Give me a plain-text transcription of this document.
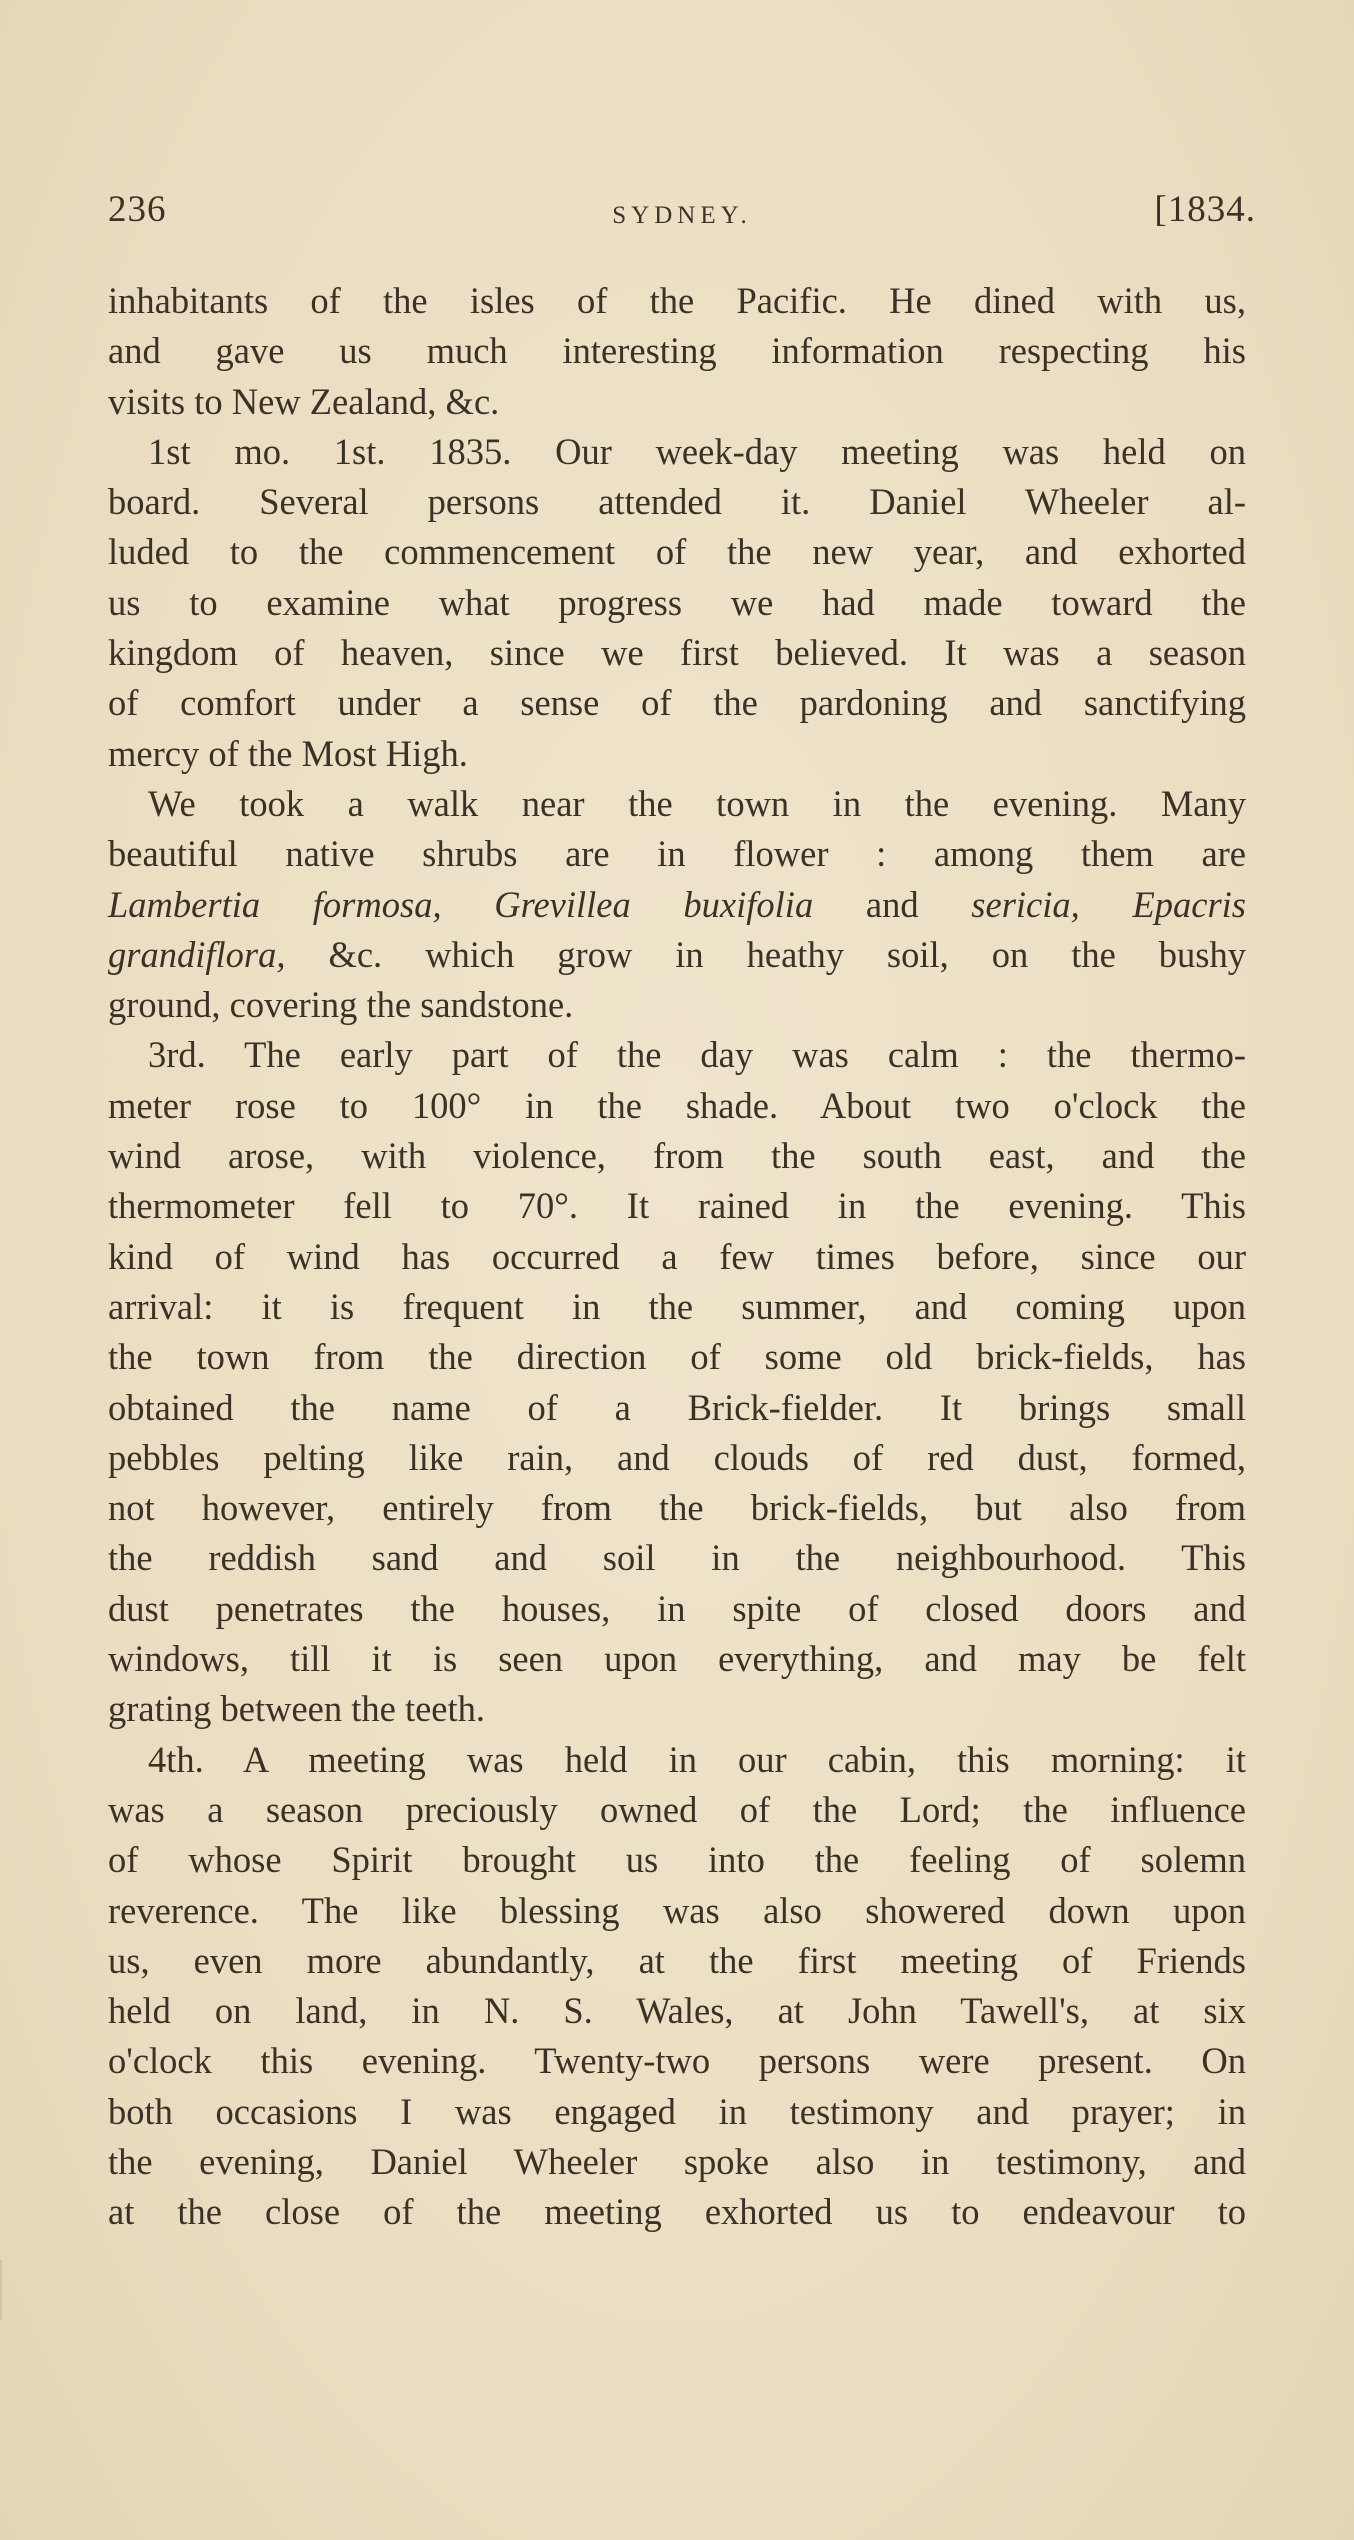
236	SYDNEY.	[1834.
inhabitants of the isles of the Pacific. He dined with us,
and gave us much interesting information respecting his
visits to New Zealand, &c.
1st mo. 1st. 1835. Our week-day meeting was held on
board. Several persons attended it. Daniel Wheeler al-
luded to the commencement of the new year, and exhorted
us to examine what progress we had made toward the
kingdom of heaven, since we first believed. It was a season
of comfort under a sense of the pardoning and sanctifying
mercy of the Most High.
We took a walk near the town in the evening. Many
beautiful native shrubs are in flower : among them are
Lambertia formosa, Grevillea buxifolia and sericia, Epacris
grandiflora, &c. which grow in heathy soil, on the bushy
ground, covering the sandstone.
3rd. The early part of the day was calm : the thermo-
meter rose to 100° in the shade. About two o'clock the
wind arose, with violence, from the south east, and the
thermometer fell to 70°. It rained in the evening. This
kind of wind has occurred a few times before, since our
arrival: it is frequent in the summer, and coming upon
the town from the direction of some old brick-fields, has
obtained the name of a Brick-fielder. It brings small
pebbles pelting like rain, and clouds of red dust, formed,
not however, entirely from the brick-fields, but also from
the reddish sand and soil in the neighbourhood. This
dust penetrates the houses, in spite of closed doors and
windows, till it is seen upon everything, and may be felt
grating between the teeth.
4th. A meeting was held in our cabin, this morning: it
was a season preciously owned of the Lord; the influence
of whose Spirit brought us into the feeling of solemn
reverence. The like blessing was also showered down upon
us, even more abundantly, at the first meeting of Friends
held on land, in N. S. Wales, at John Tawell's, at six
o'clock this evening. Twenty-two persons were present. On
both occasions I was engaged in testimony and prayer; in
the evening, Daniel Wheeler spoke also in testimony, and
at the close of the meeting exhorted us to endeavour to
